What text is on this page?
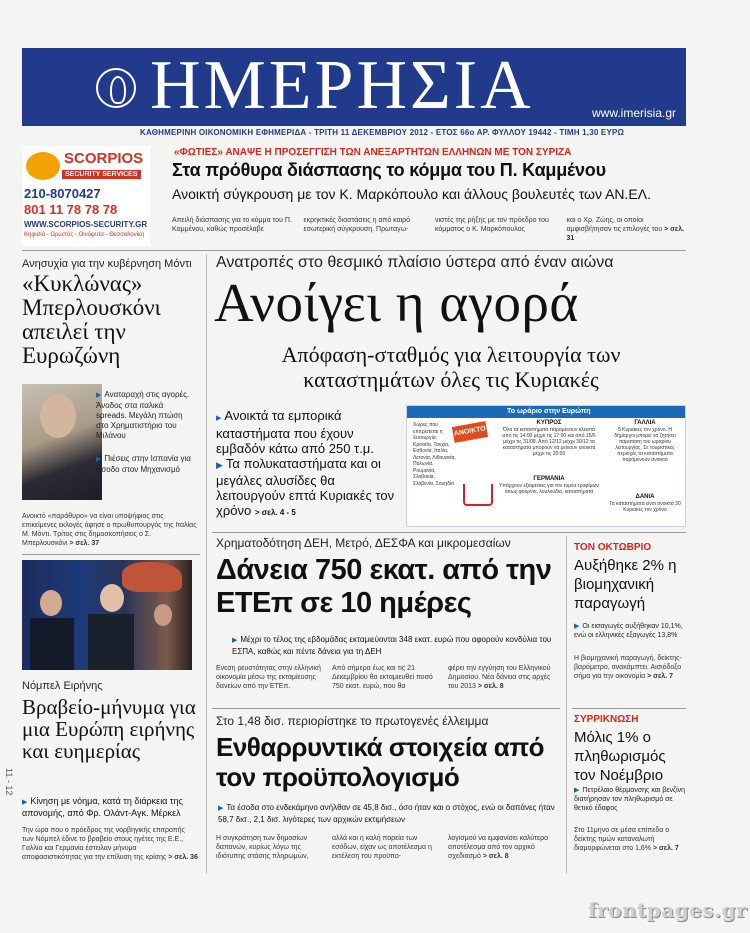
ΗΜΕΡΗΣΙΑ	www.imerisia.gr
ΚΑΘΗΜΕΡΙΝΗ ΟΙΚΟΝΟΜΙΚΗ ΕΦΗΜΕΡΙΔΑ - ΤΡΙΤΗ 11 ΔΕΚΕΜΒΡΙΟΥ 2012 - ΕΤΟΣ 66ο ΑΡ. ΦΥΛΛΟΥ 19442 - ΤΙΜΗ 1,30 ΕΥΡΩ
SCORPIOS
SECURITY SERVICES
210-8070427
801 11 78 78 78
WWW.SCORPIOS-SECURITY.GR
Κηφισιά - Ωρωπός - Οινόφυτα - Θεσσαλονίκη
«ΦΩΤΙΕΣ» ΑΝΑΨΕ Η ΠΡΟΣΕΓΓΙΣΗ ΤΩΝ ΑΝΕΞΑΡΤΗΤΩΝ ΕΛΛΗΝΩΝ ΜΕ ΤΟΝ ΣΥΡΙΖΑ
Στα πρόθυρα διάσπασης το κόμμα του Π. Καμμένου
Ανοικτή σύγκρουση με τον Κ. Μαρκόπουλο και άλλους βουλευτές των ΑΝ.ΕΛ.
Απειλή διάσπασης για το κόμμα του Π. Καμμένου, καθώς προσέλαβε
εκρηκτικές διαστάσεις η από καιρό εσωτερική σύγκρουση. Πρωταγω-
νιστές της ρήξης με τον πρόεδρο του κόμματος ο Κ. Μαρκόπουλος
και ο Χρ. Ζώης, οι οποίοι αμφισβήτησαν τις επιλογές του > σελ. 31
Ανησυχία για την κυβέρνηση Μόντι
«Κυκλώνας» Μπερλουσκόνι απειλεί την Ευρωζώνη
▶ Αναταραχή στις αγορές. Άνοδος στα ιταλικά spreads. Μεγάλη πτώση στο Χρηματιστήριο του Μιλάνου
▶ Πιέσεις στην Ισπανία για είσοδο στον Μηχανισμό
Ανοικτό «παράθυρο» να είναι υποψήφιος στις επικείμενες εκλογές άφησε ο πρωθυπουργός της Ιταλίας Μ. Μόντι. Τρίτος στις δημοσκοπήσεις ο Σ. Μπερλουσκόνι > σελ. 37
Νόμπελ Ειρήνης
Βραβείο-μήνυμα για μια Ευρώπη ειρήνης και ευημερίας
▶ Κίνηση με νόημα, κατά τη διάρκεια της απονομής, από Φρ. Ολάντ-Αγκ. Μέρκελ
Την ώρα που ο πρόεδρος της νορβηγικής επιτροπής των Νόμπελ έδινε το βραβείο στους ηγέτες της Ε.Ε., Γαλλία και Γερμανία έστειλαν μήνυμα αποφασιστικότητας για την επίλυση της κρίσης > σελ. 36
11 - 12
Ανατροπές στο θεσμικό πλαίσιο ύστερα από έναν αιώνα
Ανοίγει η αγορά
Απόφαση-σταθμός για λειτουργία των καταστημάτων όλες τις Κυριακές
▶ Ανοικτά τα εμπορικά καταστήματα που έχουν εμβαδόν κάτω από 250 τ.μ.
▶ Τα πολυκαταστήματα και οι μεγάλες αλυσίδες θα λειτουργούν επτά Κυριακές τον χρόνο > σελ. 4 - 5
Το ωράριο στην Ευρώπη
Χώρες που επιτρέπεται η λειτουργία: Κροατία, Τσεχία, Εσθονία, Ιταλία, Λετονία, Λιθουανία, Πολωνία, Ρουμανία, Σλοβακία, Σλοβενία, Σουηδία
ΑΝΟΙΚΤΟ
ΚΥΠΡΟΣ
Όλα τα καταστήματα παραμένουν κλειστά από τις 14:00 μέχρι τις 17:00 και από 15/6 μέχρι τις 31/08. Από 12/12 μέχρι 30/12 τα καταστήματα μπορούν να μείνουν ανοικτά μέχρι τις 20:00
ΓΕΡΜΑΝΙΑ
Υπάρχουν εξαιρέσεις για τον τομέα τροφίμων όπως φούρνοι, λουλούδια, καταστήματα
ΓΑΛΛΙΑ
5 Κυριακές τον χρόνο. Η δήμαρχοι μπορεί να ζητήσει παράταση του ωραρίου λειτουργίας. Σε τουριστικές περιοχές τα καταστήματα παραμένουν ανοικτά
ΔΑΝΙΑ
Τα καταστήματα είναι ανοικτά 30 Κυριακές τον χρόνο
Χρηματοδότηση ΔΕΗ, Μετρό, ΔΕΣΦΑ και μικρομεσαίων
Δάνεια 750 εκατ. από την ΕΤΕπ σε 10 ημέρες
▶ Μέχρι το τέλος της εβδομάδας εκταμιεύονται 348 εκατ. ευρώ που αφορούν κονδύλια του ΕΣΠΑ, καθώς και πέντε δάνεια για τη ΔΕΗ
Ενεση ρευστότητας στην ελληνική οικονομία μέσω της εκταμίευσης δανείων από την ΕΤΕπ.
Από σήμερα έως και τις 21 Δεκεμβρίου θα εκταμιευθεί ποσό 750 εκατ. ευρώ, που θα
φέρει την εγγύηση του Ελληνικού Δημοσίου. Νέα δάνεια στις αρχές του 2013 > σελ. 8
Στο 1,48 δισ. περιορίστηκε το πρωτογενές έλλειμμα
Ενθαρρυντικά στοιχεία από τον προϋπολογισμό
▶ Τα έσοδα στο ενδεκάμηνο ανήλθαν σε 45,8 δισ., όσο ήταν και ο στόχος, ενώ οι δαπάνες ήταν 58,7 δισ., 2,1 δισ. λιγότερες των αρχικών εκτιμήσεων
Η συγκράτηση των δημοσίων δαπανών, κυρίως λόγω της ιδιότυπης στάσης πληρωμών,
αλλά και η καλή πορεία των εσόδων, είχαν ως αποτέλεσμα η εκτέλεση του προϋπο-
λογισμού να εμφανίσει καλύτερο αποτέλεσμα από τον αρχικό σχεδιασμό > σελ. 8
ΤΟΝ ΟΚΤΩΒΡΙΟ
Αυξήθηκε 2% η βιομηχανική παραγωγή
▶ Οι εισαγωγές αυξήθηκαν 10,1%, ενώ οι ελληνικές εξαγωγές 13,8%
Η βιομηχανική παραγωγή, δείκτης-βαρόμετρο, ανακάμπτει. Αισιόδοξο σήμα για την οικονομία > σελ. 7
ΣΥΡΡΙΚΝΩΣΗ
Μόλις 1% ο πληθωρισμός τον Νοέμβριο
▶ Πετρέλαιο θέρμανσης και βενζίνη διατήρησαν τον πληθωρισμό σε θετικό έδαφος
Στο 11μηνο σε μέσα επίπεδα ο δείκτης τιμών καταναλωτή διαμορφώνεται στο 1,6% > σελ. 7
frontpages.gr
